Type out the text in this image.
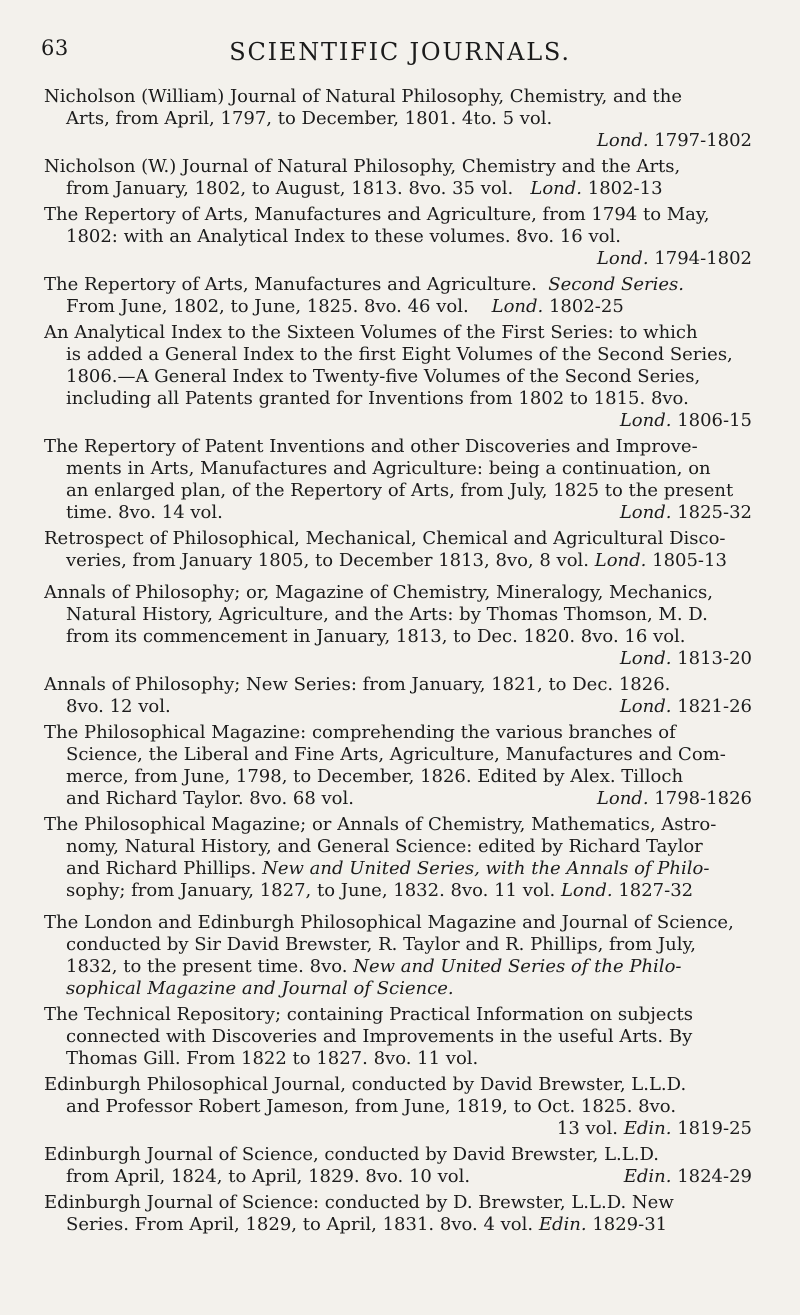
63	SCIENTIFIC JOURNALS.
Nicholson (William) Journal of Natural Philosophy, Chemistry, and the
Arts, from April, 1797, to December, 1801. 4to. 5 vol.
Lond. 1797-1802
Nicholson (W.) Journal of Natural Philosophy, Chemistry and the Arts,
from January, 1802, to August, 1813. 8vo. 35 vol. Lond. 1802-13
The Repertory of Arts, Manufactures and Agriculture, from 1794 to May,
1802: with an Analytical Index to these volumes. 8vo. 16 vol.
Lond. 1794-1802
The Repertory of Arts, Manufactures and Agriculture. Second Series.
From June, 1802, to June, 1825. 8vo. 46 vol. Lond. 1802-25
An Analytical Index to the Sixteen Volumes of the First Series: to which
is added a General Index to the first Eight Volumes of the Second Series,
1806.—A General Index to Twenty-five Volumes of the Second Series,
including all Patents granted for Inventions from 1802 to 1815. 8vo.
Lond. 1806-15
The Repertory of Patent Inventions and other Discoveries and Improve-
ments in Arts, Manufactures and Agriculture: being a continuation, on
an enlarged plan, of the Repertory of Arts, from July, 1825 to the present
time. 8vo. 14 vol.	Lond. 1825-32
Retrospect of Philosophical, Mechanical, Chemical and Agricultural Disco-
veries, from January 1805, to December 1813, 8vo, 8 vol. Lond. 1805-13
Annals of Philosophy; or, Magazine of Chemistry, Mineralogy, Mechanics,
Natural History, Agriculture, and the Arts: by Thomas Thomson, M. D.
from its commencement in January, 1813, to Dec. 1820. 8vo. 16 vol.
Lond. 1813-20
Annals of Philosophy; New Series: from January, 1821, to Dec. 1826.
8vo. 12 vol.	Lond. 1821-26
The Philosophical Magazine: comprehending the various branches of
Science, the Liberal and Fine Arts, Agriculture, Manufactures and Com-
merce, from June, 1798, to December, 1826. Edited by Alex. Tilloch
and Richard Taylor. 8vo. 68 vol.	Lond. 1798-1826
The Philosophical Magazine; or Annals of Chemistry, Mathematics, Astro-
nomy, Natural History, and General Science: edited by Richard Taylor
and Richard Phillips. New and United Series, with the Annals of Philo-
sophy; from January, 1827, to June, 1832. 8vo. 11 vol. Lond. 1827-32
The London and Edinburgh Philosophical Magazine and Journal of Science,
conducted by Sir David Brewster, R. Taylor and R. Phillips, from July,
1832, to the present time. 8vo. New and United Series of the Philo-
sophical Magazine and Journal of Science.
The Technical Repository; containing Practical Information on subjects
connected with Discoveries and Improvements in the useful Arts. By
Thomas Gill. From 1822 to 1827. 8vo. 11 vol.
Edinburgh Philosophical Journal, conducted by David Brewster, L.L.D.
and Professor Robert Jameson, from June, 1819, to Oct. 1825. 8vo.
13 vol. Edin. 1819-25
Edinburgh Journal of Science, conducted by David Brewster, L.L.D.
from April, 1824, to April, 1829. 8vo. 10 vol.	Edin. 1824-29
Edinburgh Journal of Science: conducted by D. Brewster, L.L.D. New
Series. From April, 1829, to April, 1831. 8vo. 4 vol. Edin. 1829-31
